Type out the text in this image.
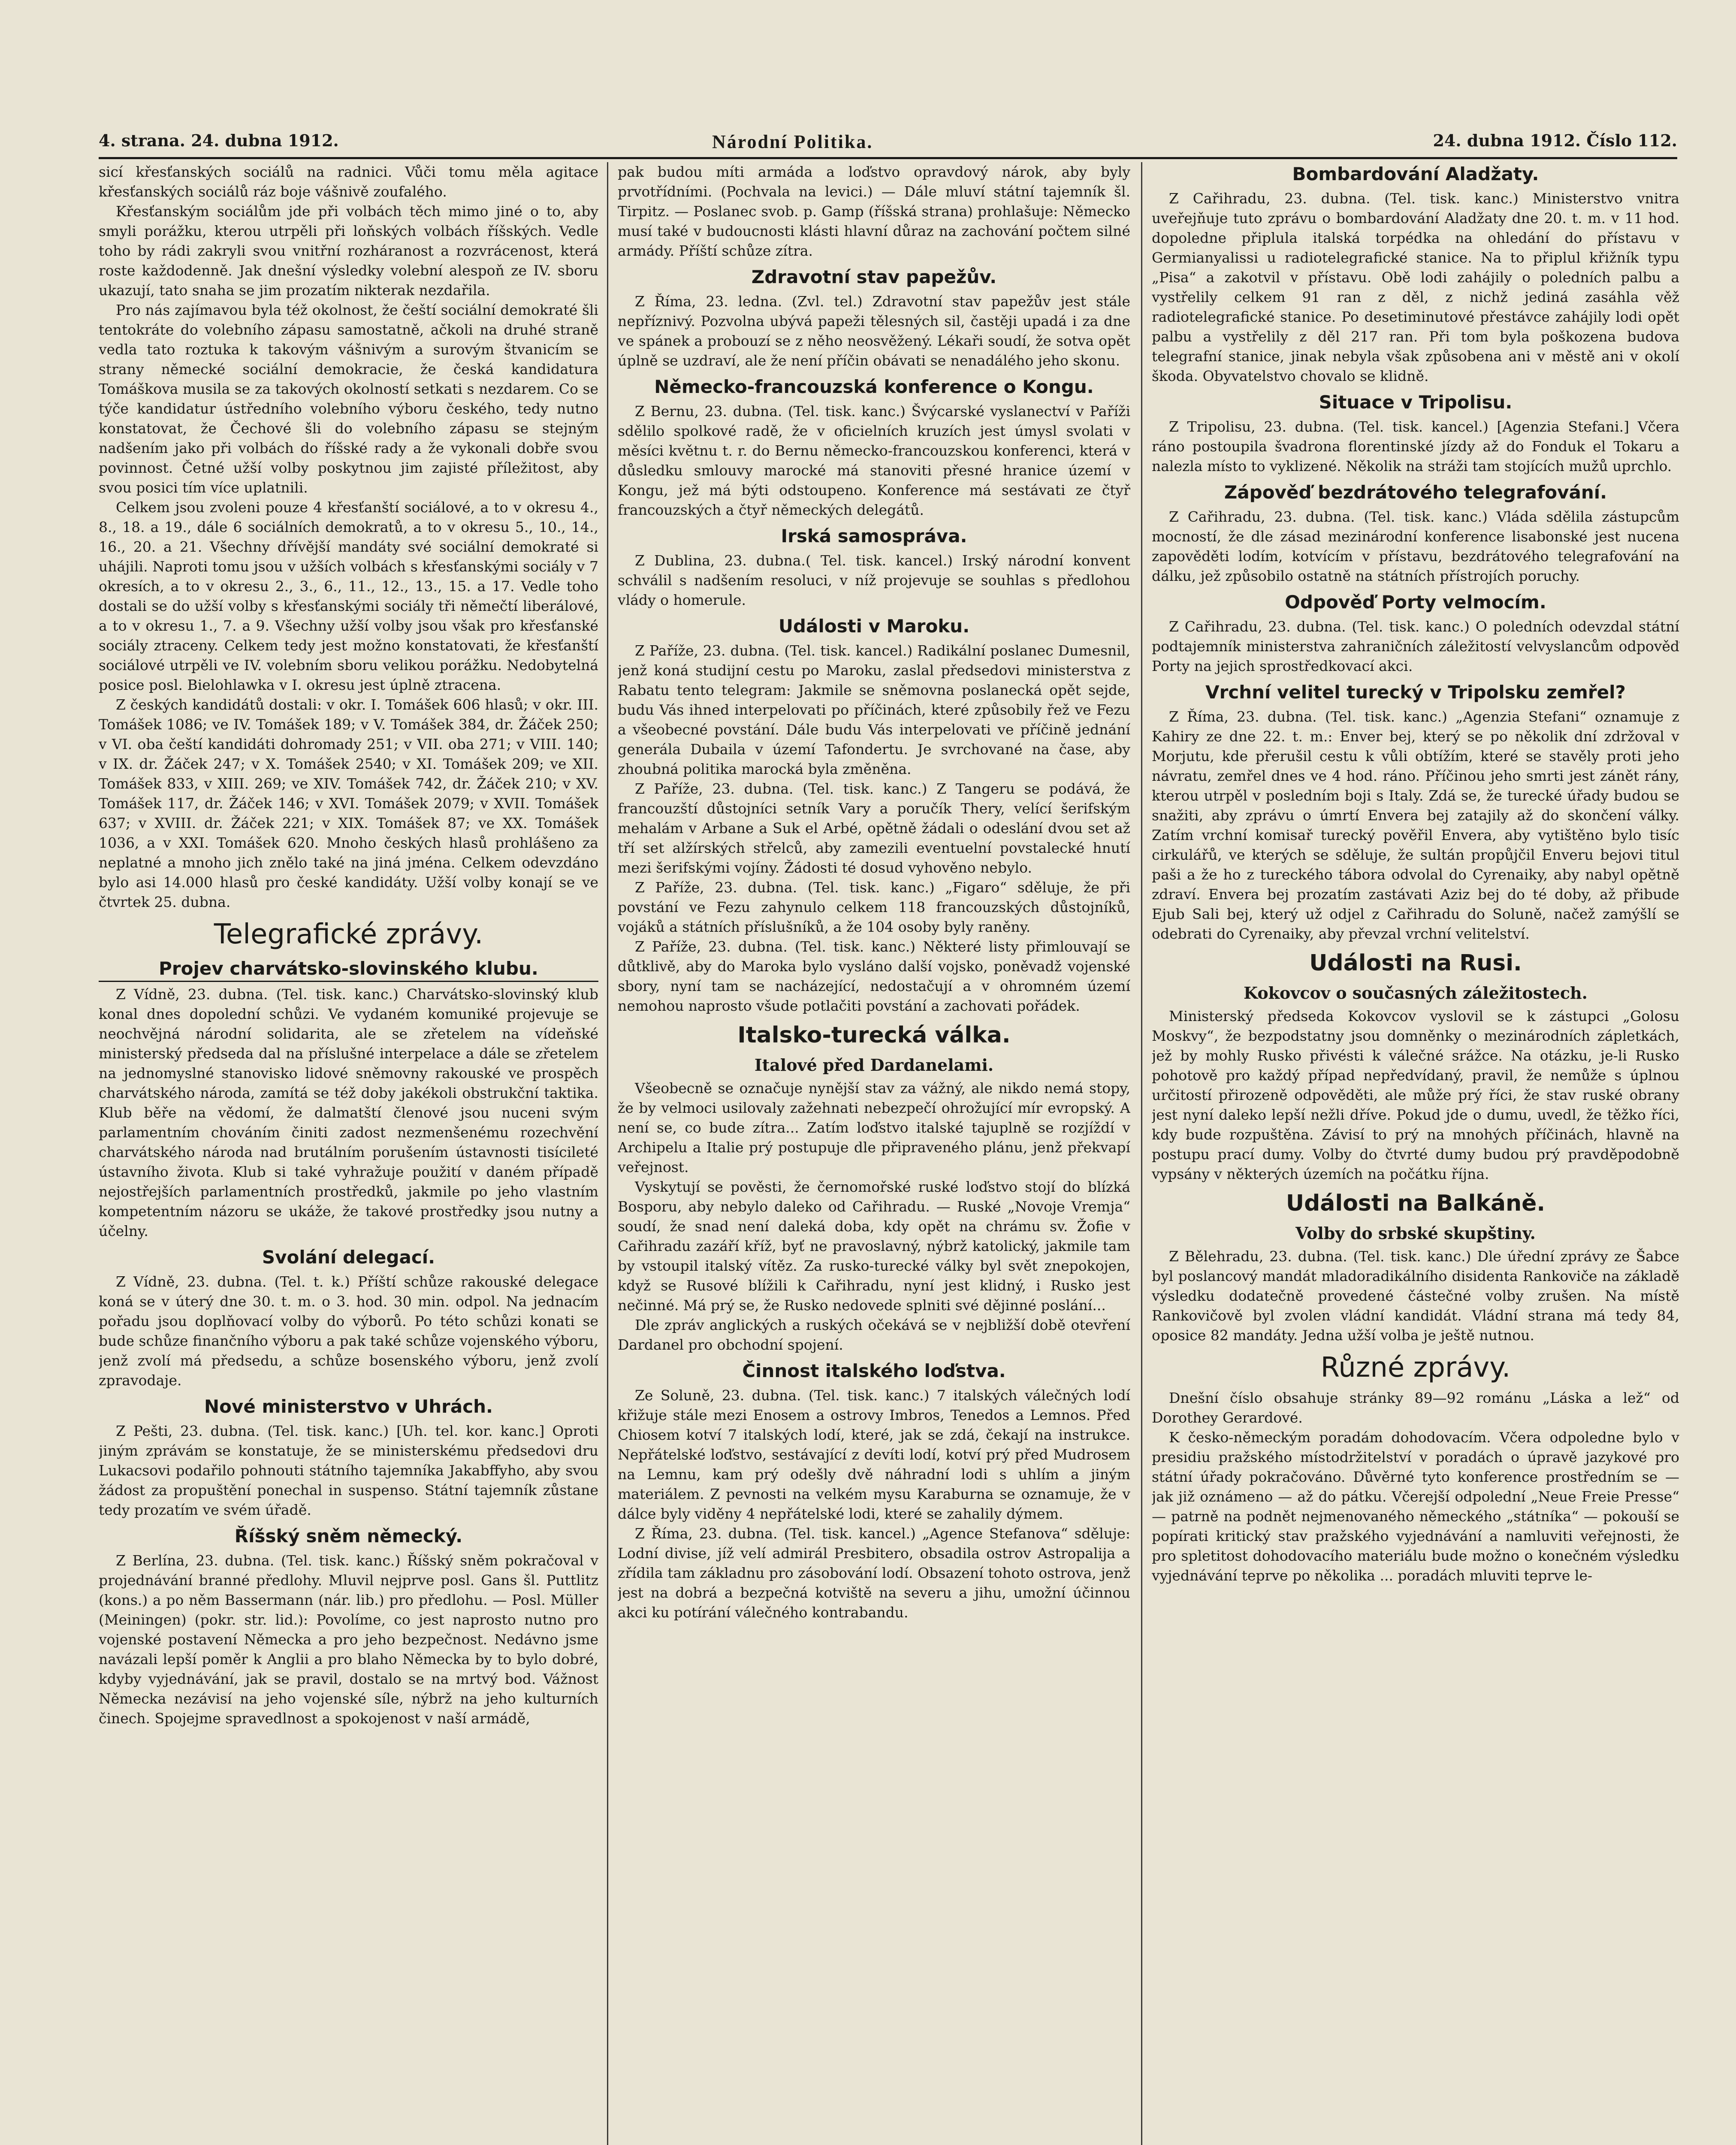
4. strana. 24. dubna 1912.	Národní Politika.	24. dubna 1912. Číslo 112.

sicí křesťanských sociálů na radnici. Vůči tomu měla agitace křesťanských sociálů ráz boje vášnivě zoufalého.

Křesťanským sociálům jde při volbách těch mimo jiné o to, aby smyli porážku, kterou utrpěli při loňských volbách říšských. Vedle toho by rádi zakryli svou vnitřní rozháranost a rozvrácenost, která roste každodenně. Jak dnešní výsledky volební alespoň ze IV. sboru ukazují, tato snaha se jim prozatím nikterak nezdařila.

Pro nás zajímavou byla též okolnost, že čeští sociální demokraté šli tentokráte do volebního zápasu samostatně, ačkoli na druhé straně vedla tato roztuka k takovým vášnivým a surovým štvanicím se strany německé sociální demokracie, že česká kandidatura Tomáškova musila se za takových okolností setkati s nezdarem. Co se týče kandidatur ústředního volebního výboru českého, tedy nutno konstatovat, že Čechové šli do volebního zápasu se stejným nadšením jako při volbách do říšské rady a že vykonali dobře svou povinnost. Četné užší volby poskytnou jim zajisté příležitost, aby svou posici tím více uplatnili.

Celkem jsou zvoleni pouze 4 křesťanští sociálové, a to v okresu 4., 8., 18. a 19., dále 6 sociálních demokratů, a to v okresu 5., 10., 14., 16., 20. a 21. Všechny dřívější mandáty své sociální demokraté si uhájili. Naproti tomu jsou v užších volbách s křesťanskými sociály v 7 okresích, a to v okresu 2., 3., 6., 11., 12., 13., 15. a 17. Vedle toho dostali se do užší volby s křesťanskými sociály tři němečtí liberálové, a to v okresu 1., 7. a 9. Všechny užší volby jsou však pro křesťanské sociály ztraceny. Celkem tedy jest možno konstatovati, že křesťanští sociálové utrpěli ve IV. volebním sboru velikou porážku. Nedobytelná posice posl. Bielohlawka v I. okresu jest úplně ztracena.

Z českých kandidátů dostali: v okr. I. Tomášek 606 hlasů; v okr. III. Tomášek 1086; ve IV. Tomášek 189; v V. Tomášek 384, dr. Žáček 250; v VI. oba čeští kandidáti dohromady 251; v VII. oba 271; v VIII. 140; v IX. dr. Žáček 247; v X. Tomášek 2540; v XI. Tomášek 209; ve XII. Tomášek 833, v XIII. 269; ve XIV. Tomášek 742, dr. Žáček 210; v XV. Tomášek 117, dr. Žáček 146; v XVI. Tomášek 2079; v XVII. Tomášek 637; v XVIII. dr. Žáček 221; v XIX. Tomášek 87; ve XX. Tomášek 1036, a v XXI. Tomášek 620. Mnoho českých hlasů prohlášeno za neplatné a mnoho jich znělo také na jiná jména. Celkem odevzdáno bylo asi 14.000 hlasů pro české kandidáty. Užší volby konají se ve čtvrtek 25. dubna.

Telegrafické zprávy.
Projev charvátsko-slovinského klubu.

Z Vídně, 23. dubna. (Tel. tisk. kanc.) Charvátsko-slovinský klub konal dnes dopolední schůzi. Ve vydaném komuniké projevuje se neochvějná národní solidarita, ale se zřetelem na vídeňské ministerský předseda dal na příslušné interpelace a dále se zřetelem na jednomyslné stanovisko lidové sněmovny rakouské ve prospěch charvátského národa, zamítá se též doby jakékoli obstrukční taktika. Klub běře na vědomí, že dalmatští členové jsou nuceni svým parlamentním chováním činiti zadost nezmenšenému rozechvění charvátského národa nad brutálním porušením ústavnosti tisícileté ústavního života. Klub si také vyhražuje použití v daném případě nejostřejších parlamentních prostředků, jakmile po jeho vlastním kompetentním názoru se ukáže, že takové prostředky jsou nutny a účelny.

Svolání delegací.

Z Vídně, 23. dubna. (Tel. t. k.) Příští schůze rakouské delegace koná se v úterý dne 30. t. m. o 3. hod. 30 min. odpol. Na jednacím pořadu jsou doplňovací volby do výborů. Po této schůzi konati se bude schůze finančního výboru a pak také schůze vojenského výboru, jenž zvolí má předsedu, a schůze bosenského výboru, jenž zvolí zpravodaje.

Nové ministerstvo v Uhrách.

Z Pešti, 23. dubna. (Tel. tisk. kanc.) [Uh. tel. kor. kanc.] Oproti jiným zprávám se konstatuje, že se ministerskému předsedovi dru Lukacsovi podařilo pohnouti státního tajemníka Jakabffyho, aby svou žádost za propuštění ponechal in suspenso. Státní tajemník zůstane tedy prozatím ve svém úřadě.

Říšský sněm německý.

Z Berlína, 23. dubna. (Tel. tisk. kanc.) Říšský sněm pokračoval v projednávání branné předlohy. Mluvil nejprve posl. Gans šl. Puttlitz (kons.) a po něm Bassermann (nár. lib.) pro předlohu. — Posl. Müller (Meiningen) (pokr. str. lid.): Povolíme, co jest naprosto nutno pro vojenské postavení Německa a pro jeho bezpečnost. Nedávno jsme navázali lepší poměr k Anglii a pro blaho Německa by to bylo dobré, kdyby vyjednávání, jak se pravil, dostalo se na mrtvý bod. Vážnost Německa nezávisí na jeho vojenské síle, nýbrž na jeho kulturních činech. Spojejme spravedlnost a spokojenost v naší armádě,

pak budou míti armáda a loďstvo opravdový nárok, aby byly prvotřídními. (Pochvala na levici.) — Dále mluví státní tajemník šl. Tirpitz. — Poslanec svob. p. Gamp (říšská strana) prohlašuje: Německo musí také v budoucnosti klásti hlavní důraz na zachování počtem silné armády. Příští schůze zítra.

Zdravotní stav papežův.

Z Říma, 23. ledna. (Zvl. tel.) Zdravotní stav papežův jest stále nepříznivý. Pozvolna ubývá papeži tělesných sil, častěji upadá i za dne ve spánek a probouzí se z něho neosvěžený. Lékaři soudí, že sotva opět úplně se uzdraví, ale že není příčin obávati se nenadálého jeho skonu.

Německo-francouzská konference o Kongu.

Z Bernu, 23. dubna. (Tel. tisk. kanc.) Švýcarské vyslanectví v Paříži sdělilo spolkové radě, že v oficielních kruzích jest úmysl svolati v měsíci květnu t. r. do Bernu německo-francouzskou konferenci, která v důsledku smlouvy marocké má stanoviti přesné hranice území v Kongu, jež má býti odstoupeno. Konference má sestávati ze čtyř francouzských a čtyř německých delegátů.

Irská samospráva.

Z Dublina, 23. dubna.( Tel. tisk. kancel.) Irský národní konvent schválil s nadšením resoluci, v níž projevuje se souhlas s předlohou vlády o homerule.

Události v Maroku.

Z Paříže, 23. dubna. (Tel. tisk. kancel.) Radikální poslanec Dumesnil, jenž koná studijní cestu po Maroku, zaslal předsedovi ministerstva z Rabatu tento telegram: Jakmile se sněmovna poslanecká opět sejde, budu Vás ihned interpelovati po příčinách, které způsobily řež ve Fezu a všeobecné povstání. Dále budu Vás interpelovati ve příčině jednání generála Dubaila v území Tafondertu. Je svrchované na čase, aby zhoubná politika marocká byla změněna.

Z Paříže, 23. dubna. (Tel. tisk. kanc.) Z Tangeru se podává, že francouzští důstojníci setník Vary a poručík Thery, velící šerifským mehalám v Arbane a Suk el Arbé, opětně žádali o odeslání dvou set až tří set alžírských střelců, aby zamezili eventuelní povstalecké hnutí mezi šerifskými vojíny. Žádosti té dosud vyhověno nebylo.

Z Paříže, 23. dubna. (Tel. tisk. kanc.) „Figaro“ sděluje, že při povstání ve Fezu zahynulo celkem 118 francouzských důstojníků, vojáků a státních příslušníků, a že 104 osoby byly raněny.

Z Paříže, 23. dubna. (Tel. tisk. kanc.) Některé listy přimlouvají se důtklivě, aby do Maroka bylo vysláno další vojsko, poněvadž vojenské sbory, nyní tam se nacházející, nedostačují a v ohromném území nemohou naprosto všude potlačiti povstání a zachovati pořádek.

Italsko-turecká válka.
Italové před Dardanelami.

Všeobecně se označuje nynější stav za vážný, ale nikdo nemá stopy, že by velmoci usilovaly zažehnati nebezpečí ohrožující mír evropský. A není se, co bude zítra... Zatím loďstvo italské tajuplně se rozjíždí v Archipelu a Italie prý postupuje dle připraveného plánu, jenž překvapí veřejnost.

Vyskytují se pověsti, že černomořské ruské loďstvo stojí do blízká Bosporu, aby nebylo daleko od Cařihradu. — Ruské „Novoje Vremja“ soudí, že snad není daleká doba, kdy opět na chrámu sv. Žofie v Cařihradu zazáří kříž, byť ne pravoslavný, nýbrž katolický, jakmile tam by vstoupil italský vítěz. Za rusko-turecké války byl svět znepokojen, když se Rusové blížili k Cařihradu, nyní jest klidný, i Rusko jest nečinné. Má prý se, že Rusko nedovede splniti své dějinné poslání...

Dle zpráv anglických a ruských očekává se v nejbližší době otevření Dardanel pro obchodní spojení.

Činnost italského loďstva.

Ze Soluně, 23. dubna. (Tel. tisk. kanc.) 7 italských válečných lodí křižuje stále mezi Enosem a ostrovy Imbros, Tenedos a Lemnos. Před Chiosem kotví 7 italských lodí, které, jak se zdá, čekají na instrukce. Nepřátelské loďstvo, sestávající z devíti lodí, kotví prý před Mudrosem na Lemnu, kam prý odešly dvě náhradní lodi s uhlím a jiným materiálem. Z pevnosti na velkém mysu Karaburna se oznamuje, že v dálce byly viděny 4 nepřátelské lodi, které se zahalily dýmem.

Z Říma, 23. dubna. (Tel. tisk. kancel.) „Agence Stefanova“ sděluje: Lodní divise, jíž velí admirál Presbitero, obsadila ostrov Astropalija a zřídila tam základnu pro zásobování lodí. Obsazení tohoto ostrova, jenž jest na dobrá a bezpečná kotviště na severu a jihu, umožní účinnou akci ku potírání válečného kontrabandu.

Bombardování Aladžaty.

Z Cařihradu, 23. dubna. (Tel. tisk. kanc.) Ministerstvo vnitra uveřejňuje tuto zprávu o bombardování Aladžaty dne 20. t. m. v 11 hod. dopoledne připlula italská torpédka na ohledání do přístavu v Germianyalissi u radiotelegrafické stanice. Na to připlul křižník typu „Pisa“ a zakotvil v přístavu. Obě lodi zahájily o poledních palbu a vystřelily celkem 91 ran z děl, z nichž jediná zasáhla věž radiotelegrafické stanice. Po desetiminutové přestávce zahájily lodi opět palbu a vystřelily z děl 217 ran. Při tom byla poškozena budova telegrafní stanice, jinak nebyla však způsobena ani v městě ani v okolí škoda. Obyvatelstvo chovalo se klidně.

Situace v Tripolisu.

Z Tripolisu, 23. dubna. (Tel. tisk. kancel.) [Agenzia Stefani.] Včera ráno postoupila švadrona florentinské jízdy až do Fonduk el Tokaru a nalezla místo to vyklizené. Několik na stráži tam stojících mužů uprchlo.

Zápověď bezdrátového telegrafování.

Z Cařihradu, 23. dubna. (Tel. tisk. kanc.) Vláda sdělila zástupcům mocností, že dle zásad mezinárodní konference lisabonské jest nucena zapověděti lodím, kotvícím v přístavu, bezdrátového telegrafování na dálku, jež způsobilo ostatně na státních přístrojích poruchy.

Odpověď Porty velmocím.

Z Cařihradu, 23. dubna. (Tel. tisk. kanc.) O poledních odevzdal státní podtajemník ministerstva zahraničních záležitostí velvyslancům odpověď Porty na jejich sprostředkovací akci.

Vrchní velitel turecký v Tripolsku zemřel?

Z Říma, 23. dubna. (Tel. tisk. kanc.) „Agenzia Stefani“ oznamuje z Kahiry ze dne 22. t. m.: Enver bej, který se po několik dní zdržoval v Morjutu, kde přerušil cestu k vůli obtížím, které se stavěly proti jeho návratu, zemřel dnes ve 4 hod. ráno. Příčinou jeho smrti jest zánět rány, kterou utrpěl v posledním boji s Italy. Zdá se, že turecké úřady budou se snažiti, aby zprávu o úmrtí Envera bej zatajily až do skončení války. Zatím vrchní komisař turecký pověřil Envera, aby vytištěno bylo tisíc cirkulářů, ve kterých se sděluje, že sultán propůjčil Enveru bejovi titul paši a že ho z tureckého tábora odvolal do Cyrenaiky, aby nabyl opětně zdraví. Envera bej prozatím zastávati Aziz bej do té doby, až přibude Ejub Sali bej, který už odjel z Cařihradu do Soluně, načež zamýšlí se odebrati do Cyrenaiky, aby převzal vrchní velitelství.

Události na Rusi.
Kokovcov o současných záležitostech.

Ministerský předseda Kokovcov vyslovil se k zástupci „Golosu Moskvy“, že bezpodstatny jsou domněnky o mezinárodních zápletkách, jež by mohly Rusko přivésti k válečné srážce. Na otázku, je-li Rusko pohotově pro každý případ nepředvídaný, pravil, že nemůže s úplnou určitostí přirozeně odpověděti, ale může prý říci, že stav ruské obrany jest nyní daleko lepší nežli dříve. Pokud jde o dumu, uvedl, že těžko říci, kdy bude rozpuštěna. Závisí to prý na mnohých příčinách, hlavně na postupu prací dumy. Volby do čtvrté dumy budou prý pravděpodobně vypsány v některých územích na počátku října.

Události na Balkáně.
Volby do srbské skupštiny.

Z Bělehradu, 23. dubna. (Tel. tisk. kanc.) Dle úřední zprávy ze Šabce byl poslancový mandát mladoradikálního disidenta Rankoviče na základě výsledku dodatečně provedené částečné volby zrušen. Na místě Rankovičově byl zvolen vládní kandidát. Vládní strana má tedy 84, oposice 82 mandáty. Jedna užší volba je ještě nutnou.

Různé zprávy.

Dnešní číslo obsahuje stránky 89—92 románu „Láska a lež“ od Dorothey Gerardové.

K česko-německým poradám dohodovacím. Včera odpoledne bylo v presidiu pražského místodržitelství v poradách o úpravě jazykové pro státní úřady pokračováno. Důvěrné tyto konference prostředním se — jak již oznámeno — až do pátku. Včerejší odpolední „Neue Freie Presse“ — patrně na podnět nejmenovaného německého „státníka“ — pokouší se popírati kritický stav pražského vyjednávání a namluviti veřejnosti, že pro spletitost dohodovacího materiálu bude možno o konečném výsledku vyjednávání teprve po několika ... poradách mluviti teprve le-
